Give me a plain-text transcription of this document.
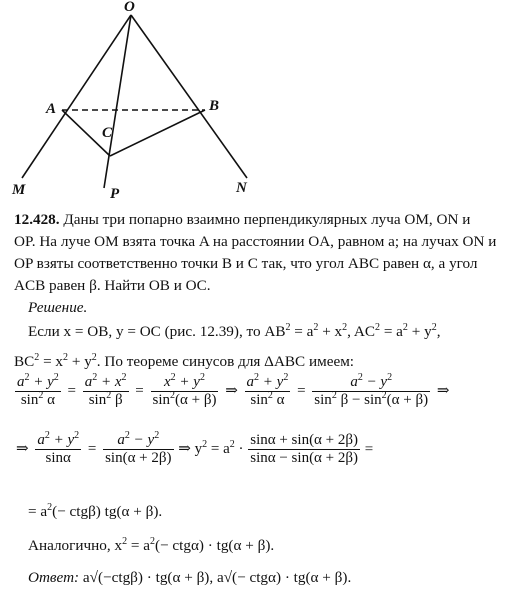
O
A	B
C
M	N
P
12.428. Даны три попарно взаимно перпендикулярных луча OM, ON и
OP. На луче OM взята точка A на расстоянии OA, равном a; на лучах ON и
OP взяты соответственно точки B и C так, что угол ABC равен α, а угол
ACB равен β. Найти OB и OC.
Решение.
Если x = OB, y = OC (рис. 12.39), то $AB^2 = a^2 + x^2$, $AC^2 = a^2 + y^2$,
$BC^2 = x^2 + y^2$. По теореме синусов для ΔABC имеем:
$\frac{a^2 + y^2}{\sin^2 \alpha} = \frac{a^2 + x^2}{\sin^2 \beta} = \frac{x^2 + y^2}{\sin^2(\alpha + \beta)}$ ⇒ $\frac{a^2 + y^2}{\sin^2 \alpha} = \frac{a^2 - y^2}{\sin^2 \beta - \sin^2(\alpha + \beta)}$ ⇒
⇒ $\frac{a^2 + y^2}{\sin\alpha} = \frac{a^2 - y^2}{\sin(\alpha + 2\beta)}$ ⇒ $y^2 = a^2 \cdot \frac{\sin\alpha + \sin(\alpha + 2\beta)}{\sin\alpha - \sin(\alpha + 2\beta)}$ =
= $a^2(- ctg\beta) tg(\alpha + \beta)$.
Аналогично, $x^2 = a^2(- ctg\alpha) \cdot tg(\alpha + \beta)$.
Ответ: a√(−ctgβ) · tg(α + β), a√(− ctgα) · tg(α + β).
